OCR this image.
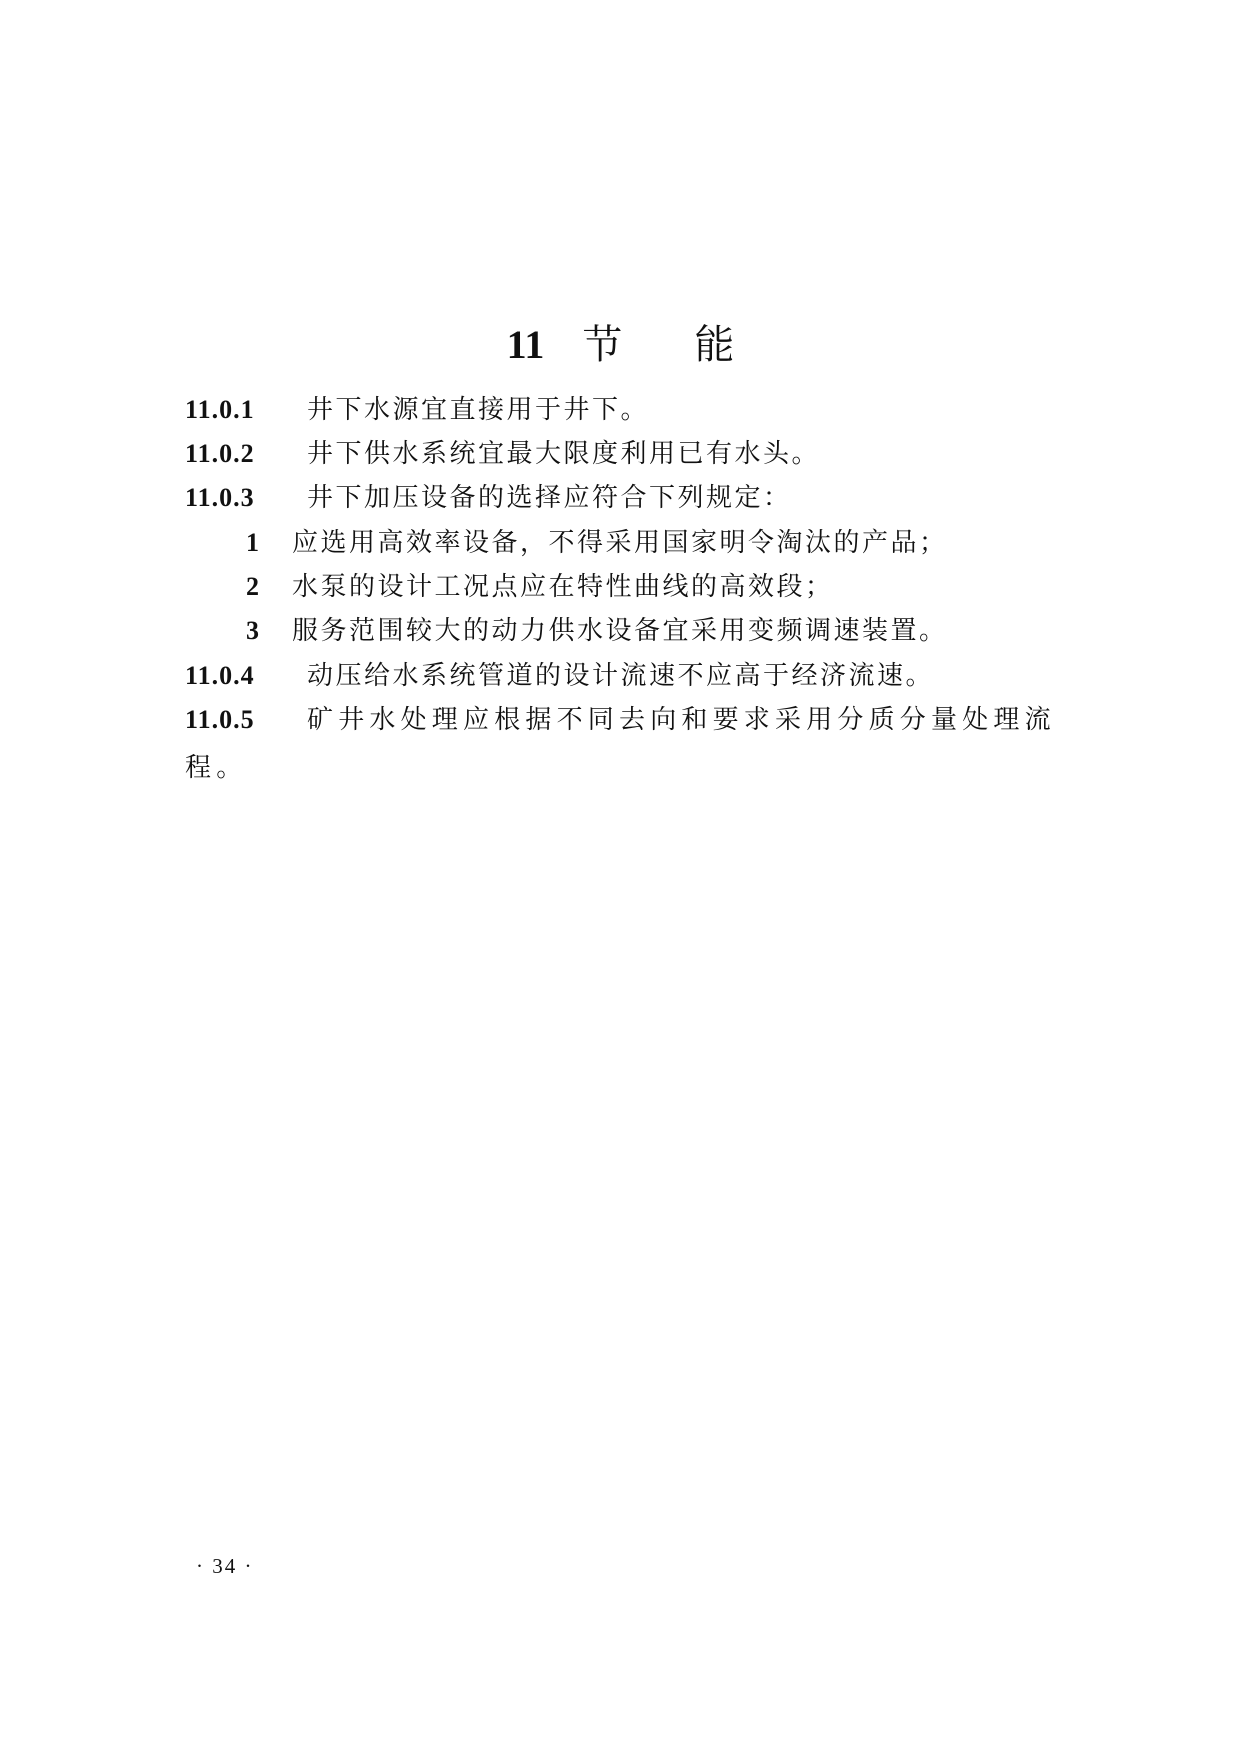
11 节 能
11.0.1 井下水源宜直接用于井下。
11.0.2 井下供水系统宜最大限度利用已有水头。
11.0.3 井下加压设备的选择应符合下列规定：
1 应选用高效率设备，不得采用国家明令淘汰的产品；
2 水泵的设计工况点应在特性曲线的高效段；
3 服务范围较大的动力供水设备宜采用变频调速装置。
11.0.4 动压给水系统管道的设计流速不应高于经济流速。
11.0.5 矿井水处理应根据不同去向和要求采用分质分量处理流程。
· 34 ·
